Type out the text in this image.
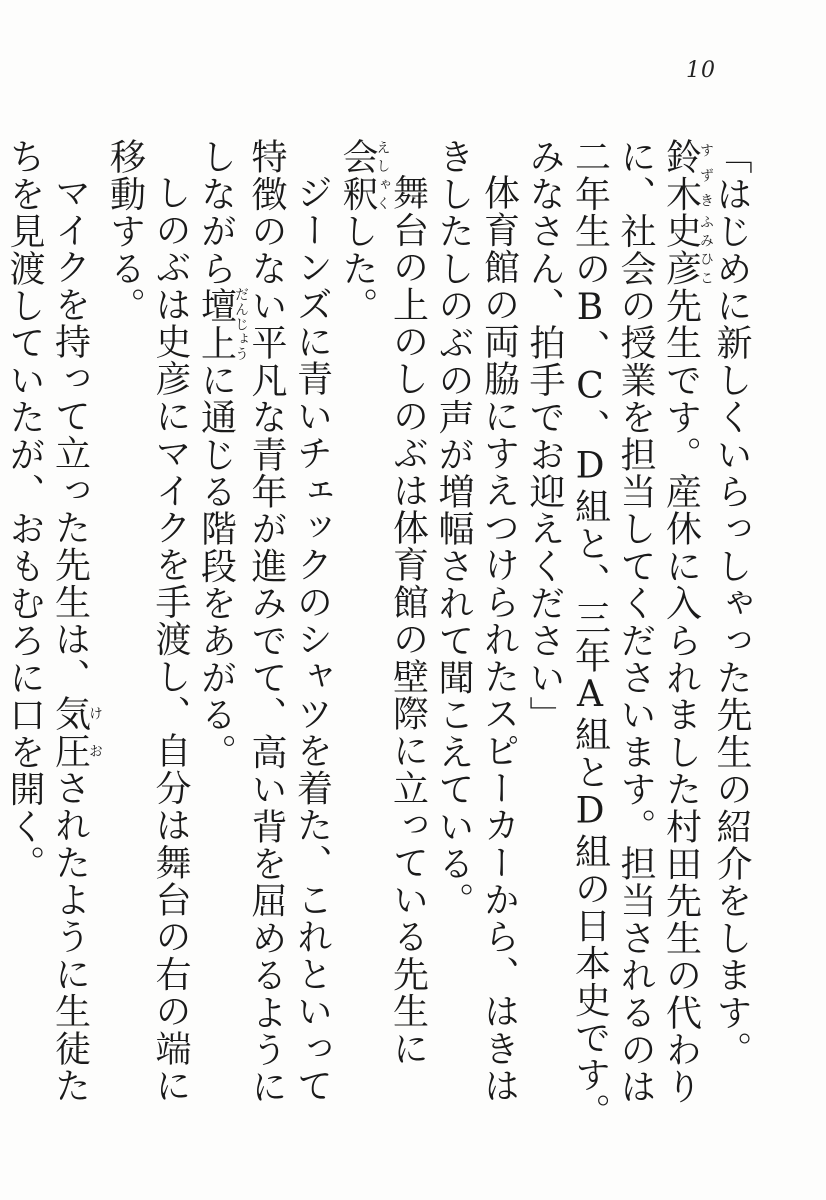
10

「はじめに新しくいらっしゃった先生の紹介をします。鈴木すずき史彦ふみひこ先生です。産休に入られました村田先生の代わりに、社会の授業を担当してくださいます。担当されるのは二年生のB、C、D組と、三年A組とD組の日本史です。みなさん、拍手でお迎えください」

体育館の両脇にすえつけられたスピーカーから、はきはきしたしのぶの声が増幅されて聞こえている。

舞台の上のしのぶは体育館の壁際に立っている先生に会釈えしゃくした。

ジーンズに青いチェックのシャツを着た、これといって特徴のない平凡な青年が進みでて、高い背を屈めるようにしながら壇上だんじょうに通じる階段をあがる。

しのぶは史彦にマイクを手渡し、自分は舞台の右の端に移動する。

マイクを持って立った先生は、気圧けおされたように生徒たちを見渡していたが、おもむろに口を開く。
